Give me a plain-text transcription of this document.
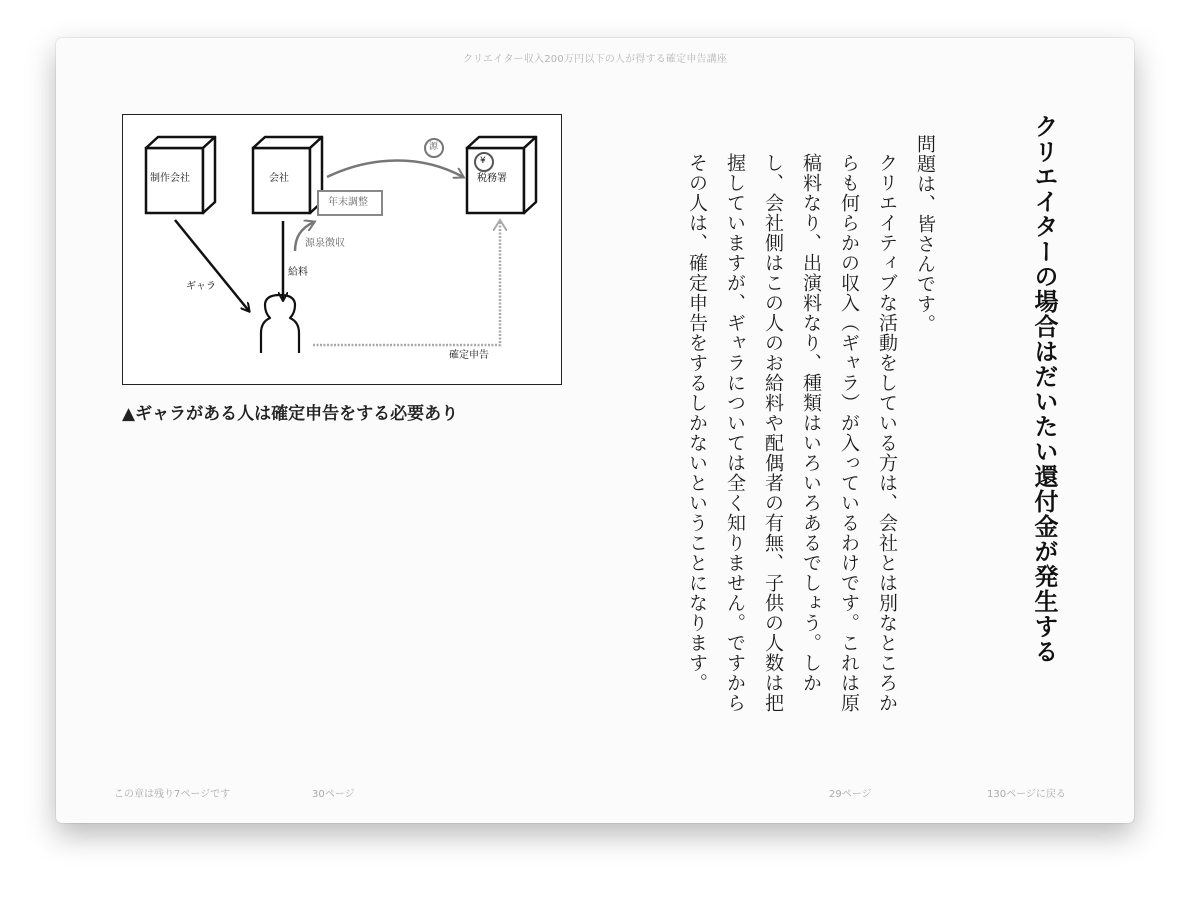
クリエイター収入200万円以下の人が得する確定申告講座
制作会社	会社	税務署
年末調整
源泉徴収
給料
ギャラ
確定申告
源
¥
▲ギャラがある人は確定申告をする必要あり	クリエイターの場合はだいたい還付金が発生する

問題は、皆さんです。

クリエイティブな活動をしている方は、会社とは別なところからも何らかの収入（ギャラ）が入っているわけです。これは原稿料なり、出演料なり、種類はいろいろあるでしょう。しかし、会社側はこの人のお給料や配偶者の有無、子供の人数は把握していますが、ギャラについては全く知りません。ですからその人は、確定申告をするしかないということになります。

この章は残り7ページです	30ページ	29ページ	130ページに戻る
